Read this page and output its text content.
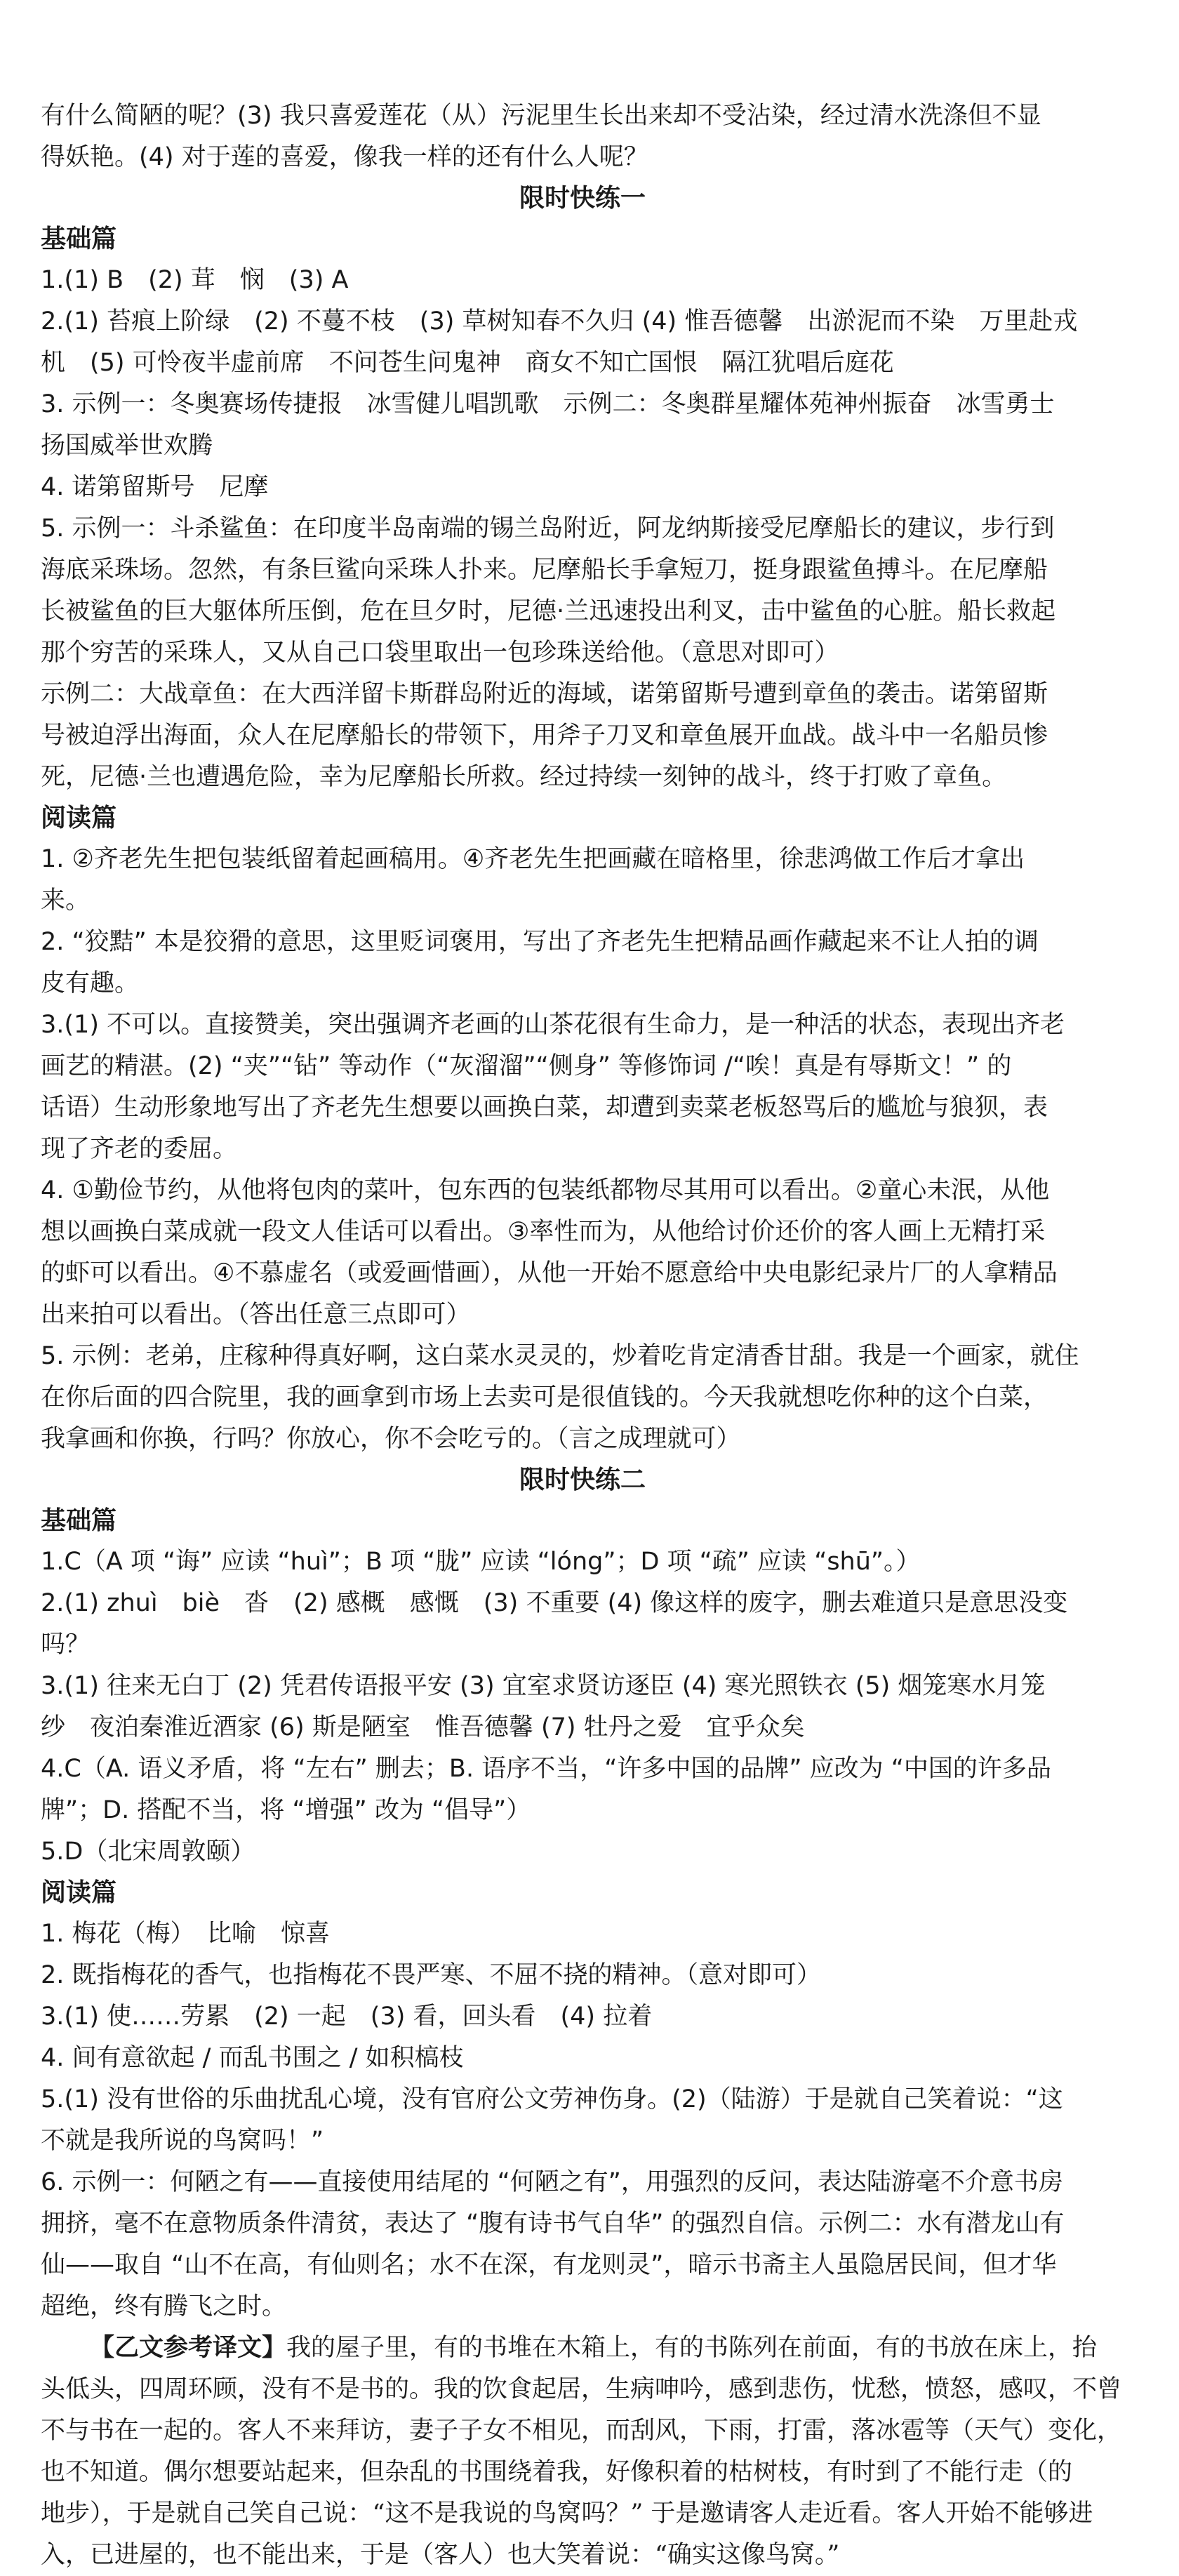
有什么简陋的呢？(3) 我只喜爱莲花（从）污泥里生长出来却不受沾染，经过清水洗涤但不显

得妖艳。(4) 对于莲的喜爱，像我一样的还有什么人呢？

限时快练一
基础篇

1.(1) B　(2) 茸　悯　(3) A

2.(1) 苔痕上阶绿　(2) 不蔓不枝　(3) 草树知春不久归 (4) 惟吾德馨　出淤泥而不染　万里赴戎

机　(5) 可怜夜半虚前席　不问苍生问鬼神　商女不知亡国恨　隔江犹唱后庭花

3. 示例一：冬奥赛场传捷报　冰雪健儿唱凯歌　示例二：冬奥群星耀体苑神州振奋　冰雪勇士

扬国威举世欢腾

4. 诺第留斯号　尼摩

5. 示例一：斗杀鲨鱼：在印度半岛南端的锡兰岛附近，阿龙纳斯接受尼摩船长的建议，步行到

海底采珠场。忽然，有条巨鲨向采珠人扑来。尼摩船长手拿短刀，挺身跟鲨鱼搏斗。在尼摩船

长被鲨鱼的巨大躯体所压倒，危在旦夕时，尼德·兰迅速投出利叉，击中鲨鱼的心脏。船长救起

那个穷苦的采珠人，又从自己口袋里取出一包珍珠送给他。（意思对即可）

示例二：大战章鱼：在大西洋留卡斯群岛附近的海域，诺第留斯号遭到章鱼的袭击。诺第留斯

号被迫浮出海面，众人在尼摩船长的带领下，用斧子刀叉和章鱼展开血战。战斗中一名船员惨

死，尼德·兰也遭遇危险，幸为尼摩船长所救。经过持续一刻钟的战斗，终于打败了章鱼。

阅读篇

1. ②齐老先生把包装纸留着起画稿用。④齐老先生把画藏在暗格里，徐悲鸿做工作后才拿出

来。

2. “狡黠” 本是狡猾的意思，这里贬词褒用，写出了齐老先生把精品画作藏起来不让人拍的调

皮有趣。

3.(1) 不可以。直接赞美，突出强调齐老画的山茶花很有生命力，是一种活的状态，表现出齐老

画艺的精湛。(2) “夹”“钻” 等动作（“灰溜溜”“侧身” 等修饰词 /“唉！真是有辱斯文！” 的

话语）生动形象地写出了齐老先生想要以画换白菜，却遭到卖菜老板怒骂后的尴尬与狼狈，表

现了齐老的委屈。

4. ①勤俭节约，从他将包肉的菜叶，包东西的包装纸都物尽其用可以看出。②童心未泯，从他

想以画换白菜成就一段文人佳话可以看出。③率性而为，从他给讨价还价的客人画上无精打采

的虾可以看出。④不慕虚名（或爱画惜画），从他一开始不愿意给中央电影纪录片厂的人拿精品

出来拍可以看出。（答出任意三点即可）

5. 示例：老弟，庄稼种得真好啊，这白菜水灵灵的，炒着吃肯定清香甘甜。我是一个画家，就住

在你后面的四合院里，我的画拿到市场上去卖可是很值钱的。今天我就想吃你种的这个白菜，

我拿画和你换，行吗？你放心，你不会吃亏的。（言之成理就可）

限时快练二
基础篇

1.C（A 项 “诲” 应读 “huì”；B 项 “胧” 应读 “lóng”；D 项 “疏” 应读 “shū”。）

2.(1) zhuì　biè　沓　(2) 感概　感慨　(3) 不重要 (4) 像这样的废字，删去难道只是意思没变

吗？

3.(1) 往来无白丁 (2) 凭君传语报平安 (3) 宜室求贤访逐臣 (4) 寒光照铁衣 (5) 烟笼寒水月笼

纱　夜泊秦淮近酒家 (6) 斯是陋室　惟吾德馨 (7) 牡丹之爱　宜乎众矣

4.C（A. 语义矛盾，将 “左右” 删去；B. 语序不当，“许多中国的品牌” 应改为 “中国的许多品

牌”；D. 搭配不当，将 “增强” 改为 “倡导”）

5.D（北宋周敦颐）

阅读篇

1. 梅花（梅）　比喻　惊喜

2. 既指梅花的香气，也指梅花不畏严寒、不屈不挠的精神。（意对即可）

3.(1) 使……劳累　(2) 一起　(3) 看，回头看　(4) 拉着

4. 间有意欲起 / 而乱书围之 / 如积槁枝

5.(1) 没有世俗的乐曲扰乱心境，没有官府公文劳神伤身。(2)（陆游）于是就自己笑着说：“这

不就是我所说的鸟窝吗！”

6. 示例一：何陋之有——直接使用结尾的 “何陋之有”，用强烈的反问，表达陆游毫不介意书房

拥挤，毫不在意物质条件清贫，表达了 “腹有诗书气自华” 的强烈自信。示例二：水有潜龙山有

仙——取自 “山不在高，有仙则名；水不在深，有龙则灵”，暗示书斋主人虽隐居民间，但才华

超绝，终有腾飞之时。

【乙文参考译文】我的屋子里，有的书堆在木箱上，有的书陈列在前面，有的书放在床上，抬

头低头，四周环顾，没有不是书的。我的饮食起居，生病呻吟，感到悲伤，忧愁，愤怒，感叹，不曾

不与书在一起的。客人不来拜访，妻子子女不相见，而刮风，下雨，打雷，落冰雹等（天气）变化，

也不知道。偶尔想要站起来，但杂乱的书围绕着我，好像积着的枯树枝，有时到了不能行走（的

地步），于是就自己笑自己说：“这不是我说的鸟窝吗？” 于是邀请客人走近看。客人开始不能够进

入，已进屋的，也不能出来，于是（客人）也大笑着说：“确实这像鸟窝。”
